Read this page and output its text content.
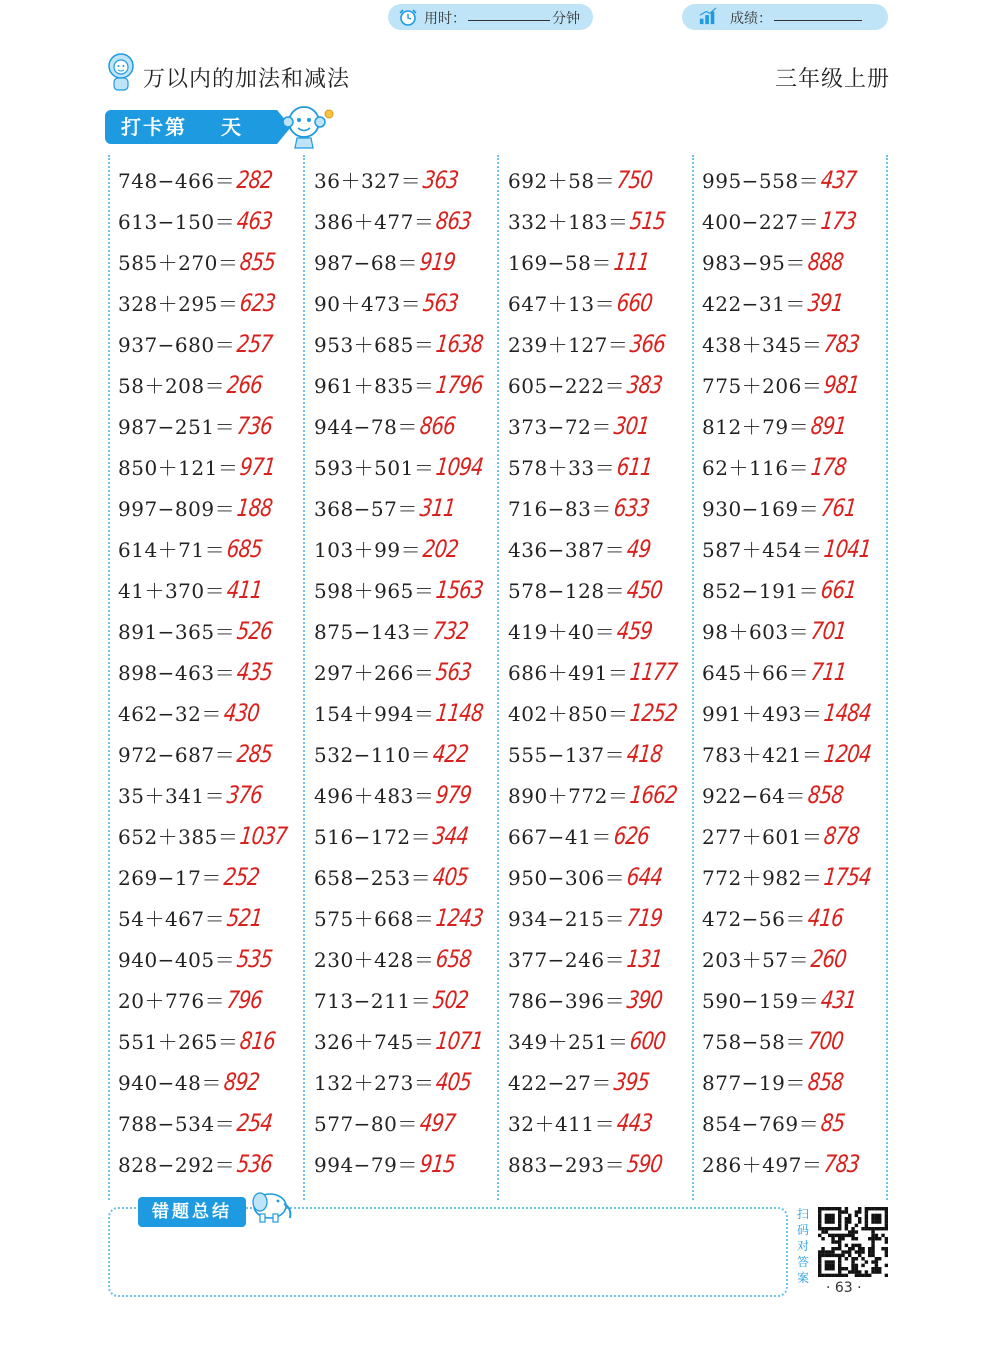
万以内的加法和减法	三年级上册
打卡第 天
用时：	分钟	成绩：
748−466＝282
613−150＝463
585＋270＝855
328＋295＝623
937−680＝257
58＋208＝266
987−251＝736
850＋121＝971
997−809＝188
614＋71＝685
41＋370＝411
891−365＝526
898−463＝435
462−32＝430
972−687＝285
35＋341＝376
652＋385＝1037
269−17＝252
54＋467＝521
940−405＝535
20＋776＝796
551＋265＝816
940−48＝892
788−534＝254
828−292＝536
36＋327＝363
386＋477＝863
987−68＝919
90＋473＝563
953＋685＝1638
961＋835＝1796
944−78＝866
593＋501＝1094
368−57＝311
103＋99＝202
598＋965＝1563
875−143＝732
297＋266＝563
154＋994＝1148
532−110＝422
496＋483＝979
516−172＝344
658−253＝405
575＋668＝1243
230＋428＝658
713−211＝502
326＋745＝1071
132＋273＝405
577−80＝497
994−79＝915
692＋58＝750
332＋183＝515
169−58＝111
647＋13＝660
239＋127＝366
605−222＝383
373−72＝301
578＋33＝611
716−83＝633
436−387＝49
578−128＝450
419＋40＝459
686＋491＝1177
402＋850＝1252
555−137＝418
890＋772＝1662
667−41＝626
950−306＝644
934−215＝719
377−246＝131
786−396＝390
349＋251＝600
422−27＝395
32＋411＝443
883−293＝590
995−558＝437
400−227＝173
983−95＝888
422−31＝391
438＋345＝783
775＋206＝981
812＋79＝891
62＋116＝178
930−169＝761
587＋454＝1041
852−191＝661
98＋603＝701
645＋66＝711
991＋493＝1484
783＋421＝1204
922−64＝858
277＋601＝878
772＋982＝1754
472−56＝416
203＋57＝260
590−159＝431
758−58＝700
877−19＝858
854−769＝85
286＋497＝783
错题总结	扫码对答案
· 63 ·
